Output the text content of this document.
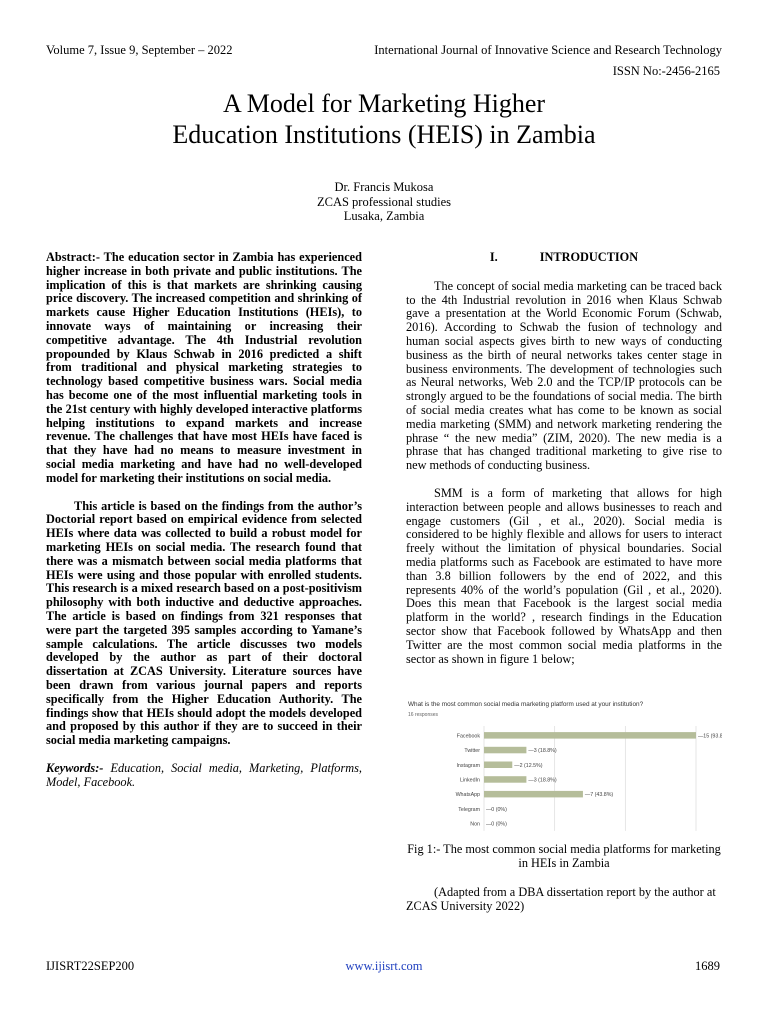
Volume 7, Issue 9, September – 2022	International Journal of Innovative Science and Research Technology
ISSN No:-2456-2165
A Model for Marketing Higher
Education Institutions (HEIS) in Zambia
Dr. Francis Mukosa
ZCAS professional studies
Lusaka, Zambia

Abstract:- The education sector in Zambia has experienced higher increase in both private and public institutions. The implication of this is that markets are shrinking causing price discovery. The increased competition and shrinking of markets cause Higher Education Institutions (HEIs), to innovate ways of maintaining or increasing their competitive advantage. The 4th Industrial revolution propounded by Klaus Schwab in 2016 predicted a shift from traditional and physical marketing strategies to technology based competitive business wars. Social media has become one of the most influential marketing tools in the 21st century with highly developed interactive platforms helping institutions to expand markets and increase revenue. The challenges that have most HEIs have faced is that they have had no means to measure investment in social media marketing and have had no well-developed model for marketing their institutions on social media.

This article is based on the findings from the author’s Doctorial report based on empirical evidence from selected HEIs where data was collected to build a robust model for marketing HEIs on social media. The research found that there was a mismatch between social media platforms that HEIs were using and those popular with enrolled students. This research is a mixed research based on a post-positivism philosophy with both inductive and deductive approaches. The article is based on findings from 321 responses that were part the targeted 395 samples according to Yamane’s sample calculations. The article discusses two models developed by the author as part of their doctoral dissertation at ZCAS University. Literature sources have been drawn from various journal papers and reports specifically from the Higher Education Authority. The findings show that HEIs should adopt the models developed and proposed by this author if they are to succeed in their social media marketing campaigns.

Keywords:- Education, Social media, Marketing, Platforms, Model, Facebook.

I.	INTRODUCTION

The concept of social media marketing can be traced back to the 4th Industrial revolution in 2016 when Klaus Schwab gave a presentation at the World Economic Forum (Schwab, 2016). According to Schwab the fusion of technology and human social aspects gives birth to new ways of conducting business as the birth of neural networks takes center stage in business environments. The development of technologies such as Neural networks, Web 2.0 and the TCP/IP protocols can be strongly argued to be the foundations of social media. The birth of social media creates what has come to be known as social media marketing (SMM) and network marketing rendering the phrase “ the new media” (ZIM, 2020). The new media is a phrase that has changed traditional marketing to give rise to new methods of conducting business.

SMM is a form of marketing that allows for high interaction between people and allows businesses to reach and engage customers (Gil , et al., 2020). Social media is considered to be highly flexible and allows for users to interact freely without the limitation of physical boundaries. Social media platforms such as Facebook are estimated to have more than 3.8 billion followers by the end of 2022, and this represents 40% of the world’s population (Gil , et al., 2020). Does this mean that Facebook is the largest social media platform in the world? , research findings in the Education sector show that Facebook followed by WhatsApp and then Twitter are the most common social media platforms in the sector as shown in figure 1 below;

What is the most common social media marketing platform used at your institution?
16 responses
Facebook
Twitter
Instagram
LinkedIn
WhatsApp
Telegram
Non
—15 (93.8
—3 (18.8%)
—2 (12.5%)
—3 (18.8%)
—7 (43.8%)
—0 (0%)
—0 (0%)
Fig 1:- The most common social media platforms for marketing in HEIs in Zambia
(Adapted from a DBA dissertation report by the author at ZCAS University 2022)
IJISRT22SEP200	www.ijisrt.com	1689
